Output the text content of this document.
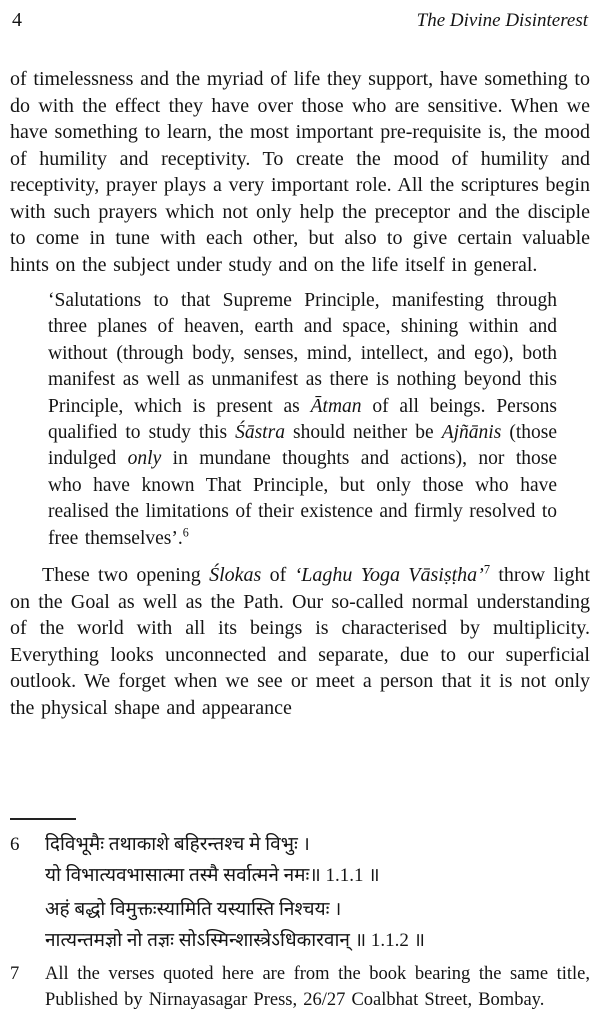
4	The Divine Disinterest

of timelessness and the myriad of life they support, have something to do with the effect they have over those who are sensitive. When we have something to learn, the most important pre-requisite is, the mood of humility and receptivity. To create the mood of humility and receptivity, prayer plays a very important role. All the scriptures begin with such prayers which not only help the preceptor and the disciple to come in tune with each other, but also to give certain valuable hints on the subject under study and on the life itself in general.

‘Salutations to that Supreme Principle, manifesting through three planes of heaven, earth and space, shining within and without (through body, senses, mind, intellect, and ego), both manifest as well as unmanifest as there is nothing beyond this Principle, which is present as Ātman of all beings. Persons qualified to study this Śāstra should neither be Ajñānis (those indulged only in mundane thoughts and actions), nor those who have known That Principle, but only those who have realised the limitations of their existence and firmly resolved to free themselves’.$^6$

These two opening Ślokas of ‘Laghu Yoga Vāsiṣṭha’$^7$ throw light on the Goal as well as the Path. Our so-called normal understanding of the world with all its beings is characterised by multiplicity. Everything looks unconnected and separate, due to our superficial outlook. We forget when we see or meet a person that it is not only the physical shape and appearance

6	दिविभूमैः तथाकाशे बहिरन्तश्च मे विभुः ।
यो विभात्यवभासात्मा तस्मै सर्वात्मने नमः॥ 1.1.1 ॥
अहं बद्धो विमुक्तःस्यामिति यस्यास्ति निश्चयः ।
नात्यन्तमज्ञो नो तज्ञः सोऽस्मिन्शास्त्रेऽधिकारवान् ॥ 1.1.2 ॥
7	All the verses quoted here are from the book bearing the same title, Published by Nirnayasagar Press, 26/27 Coalbhat Street, Bombay.
